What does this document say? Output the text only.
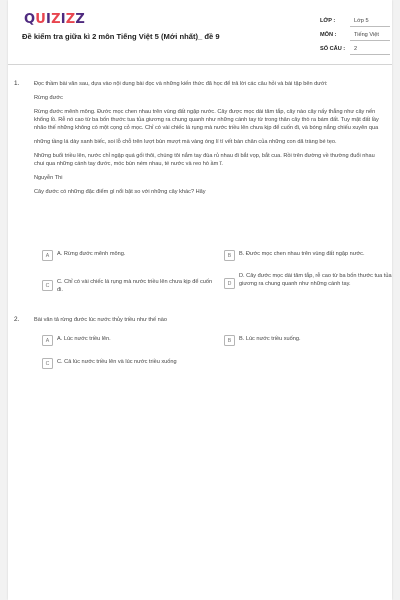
QUIZIZZ
Đề kiểm tra giữa kì 2 môn Tiếng Việt 5 (Mới nhất)_ đề 9
LỚP :	Lớp 5
MÔN :	Tiếng Việt
SỐ CÂU :	2
1.	Đọc thầm bài văn sau, dựa vào nội dung bài đọc và những kiến thức đã học để trả lời các câu hỏi và bài tập bên dưới:

Rừng đước

Rừng đước mênh mông. Đước mọc chen nhau trên vùng đất ngập nước. Cây được mọc dài tăm tắp, cây nào cây nấy thẳng như cây nến khổng lồ. Rễ nó cao từ ba bốn thước tua tủa giương ra chung quanh như những cánh tay từ trong thân cây thò ra bám đất. Tuy mặt đất lầy nhão thế những không có một cọng cỏ mọc. Chỉ có vài chiếc lá rụng mà nước triều lên chưa kịp để cuốn đi, và bóng nắng chiếu xuyên qua

những tầng lá dày xanh biếc, soi lỗ chỗ trên lượt bùn mượt mà vàng óng lí tí vết bàn chân của những con dã tràng bé tẹo.

Những buổi triều lên, nước chỉ ngập quá gối thôi, chúng tôi nắm tay đùa rủ nhau đi bắt vọp, bắt cua. Rồi trên đường về thường đuổi nhau chui qua những cánh tay đước, móc bùn ném nhau, té nước và reo hò ầm ĩ.

Nguyễn Thi

Cây đước có những đặc điểm gì nổi bật so với những cây khác? Hãy

A	A. Rừng đước mênh mông.	B	B. Đước mọc chen nhau trên vùng đất ngập nước.
C
C. Chỉ có vài chiếc lá rụng mà nước triều lên chưa kịp để cuốn đi.
D
D. Cây đước mọc dài tăm tắp, rễ cao từ ba bốn thước tua tủa giương ra chung quanh như những cánh tay.
2.	Bài văn tả rừng đước lúc nước thủy triều như thế nào

A	A. Lúc nước triều lên.	B	B. Lúc nước triều xuống.
C	C. Cả lúc nước triều lên và lúc nước triều xuống
